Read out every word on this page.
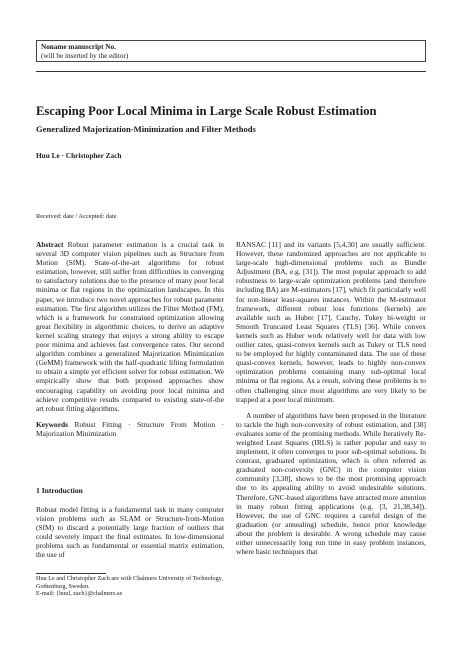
Noname manuscript No.
(will be inserted by the editor)
Escaping Poor Local Minima in Large Scale Robust Estimation
Generalized Majorization-Minimization and Filter Methods
Huu Le · Christopher Zach
Received: date / Accepted: date

Abstract Robust parameter estimation is a crucial task in several 3D computer vision pipelines such as Structure from Motion (SfM). State-of-the-art algorithms for robust estimation, however, still suffer from difficulties in converging to satisfactory solutions due to the presence of many poor local minima or flat regions in the optimization landscapes. In this paper, we introduce two novel approaches for robust parameter estimation. The first algorithm utilizes the Filter Method (FM), which is a framework for constrained optimization allowing great flexibility in algorithmic choices, to derive an adaptive kernel scaling strategy that enjoys a strong ability to escape poor minima and achieves fast convergence rates. Our second algorithm combines a generalized Majorization Minimization (GeMM) framework with the half-quadratic lifting formulation to obtain a simple yet efficient solver for robust estimation. We empirically show that both proposed approaches show encouraging capability on avoiding poor local minima and achieve competitive results compared to existing state-of-the art robust fitting algorithms.

Keywords Robust Fitting · Structure From Motion · Majorization Minimization

1 Introduction

Robust model fitting is a fundamental task in many computer vision problems such as SLAM or Structure-from-Motion (SfM) to discard a potentially large fraction of outliers that could severely impact the final estimates. In low-dimensional problems such as fundamental or essential matrix estimation, the use of

Huu Le and Christopher Zach are with Chalmers University of Technology, Gothenburg, Sweden.
E-mail: {huul, zach}@chalmers.se

RANSAC [11] and its variants [5,4,30] are usually sufficient. However, these randomized approaches are not applicable to large-scale high-dimensional problems such as Bundle Adjustment (BA, e.g. [31]). The most popular approach to add robustness to large-scale optimization problems (and therefore including BA) are M-estimators [17], which fit particularly well for non-linear least-squares instances. Within the M-estimator framework, different robust loss functions (kernels) are available such as Huber [17], Cauchy, Tukey bi-weight or Smooth Truncated Least Squares (TLS) [36]. While convex kernels such as Huber work relatively well for data with low outlier rates, quasi-convex kernels such as Tukey or TLS need to be employed for highly contaminated data. The use of these quasi-convex kernels, however, leads to highly non-convex optimization problems containing many sub-optimal local minima or flat regions. As a result, solving these problems is to often challenging since most algorithms are very likely to be trapped at a poor local minimum.

A number of algorithms have been proposed in the literature to tackle the high non-convexity of robust estimation, and [38] evaluates some of the promising methods. While Iteratively Re-weighted Least Squares (IRLS) is rather popular and easy to implement, it often converges to poor sub-optimal solutions. In contrast, graduated optimization, which is often referred as graduated non-convexity (GNC) in the computer vision community [3,38], shows to be the most promising approach due to its appealing ability to avoid undesirable solutions. Therefore, GNC-based algorithms have attracted more attention in many robust fitting applications (e.g. [3, 21,38,34]). However, the use of GNC requires a careful design of the graduation (or annealing) schedule, hence prior knowledge about the problem is desirable. A wrong schedule may cause either unnecessarily long run time in easy problem instances, where basic techniques that
